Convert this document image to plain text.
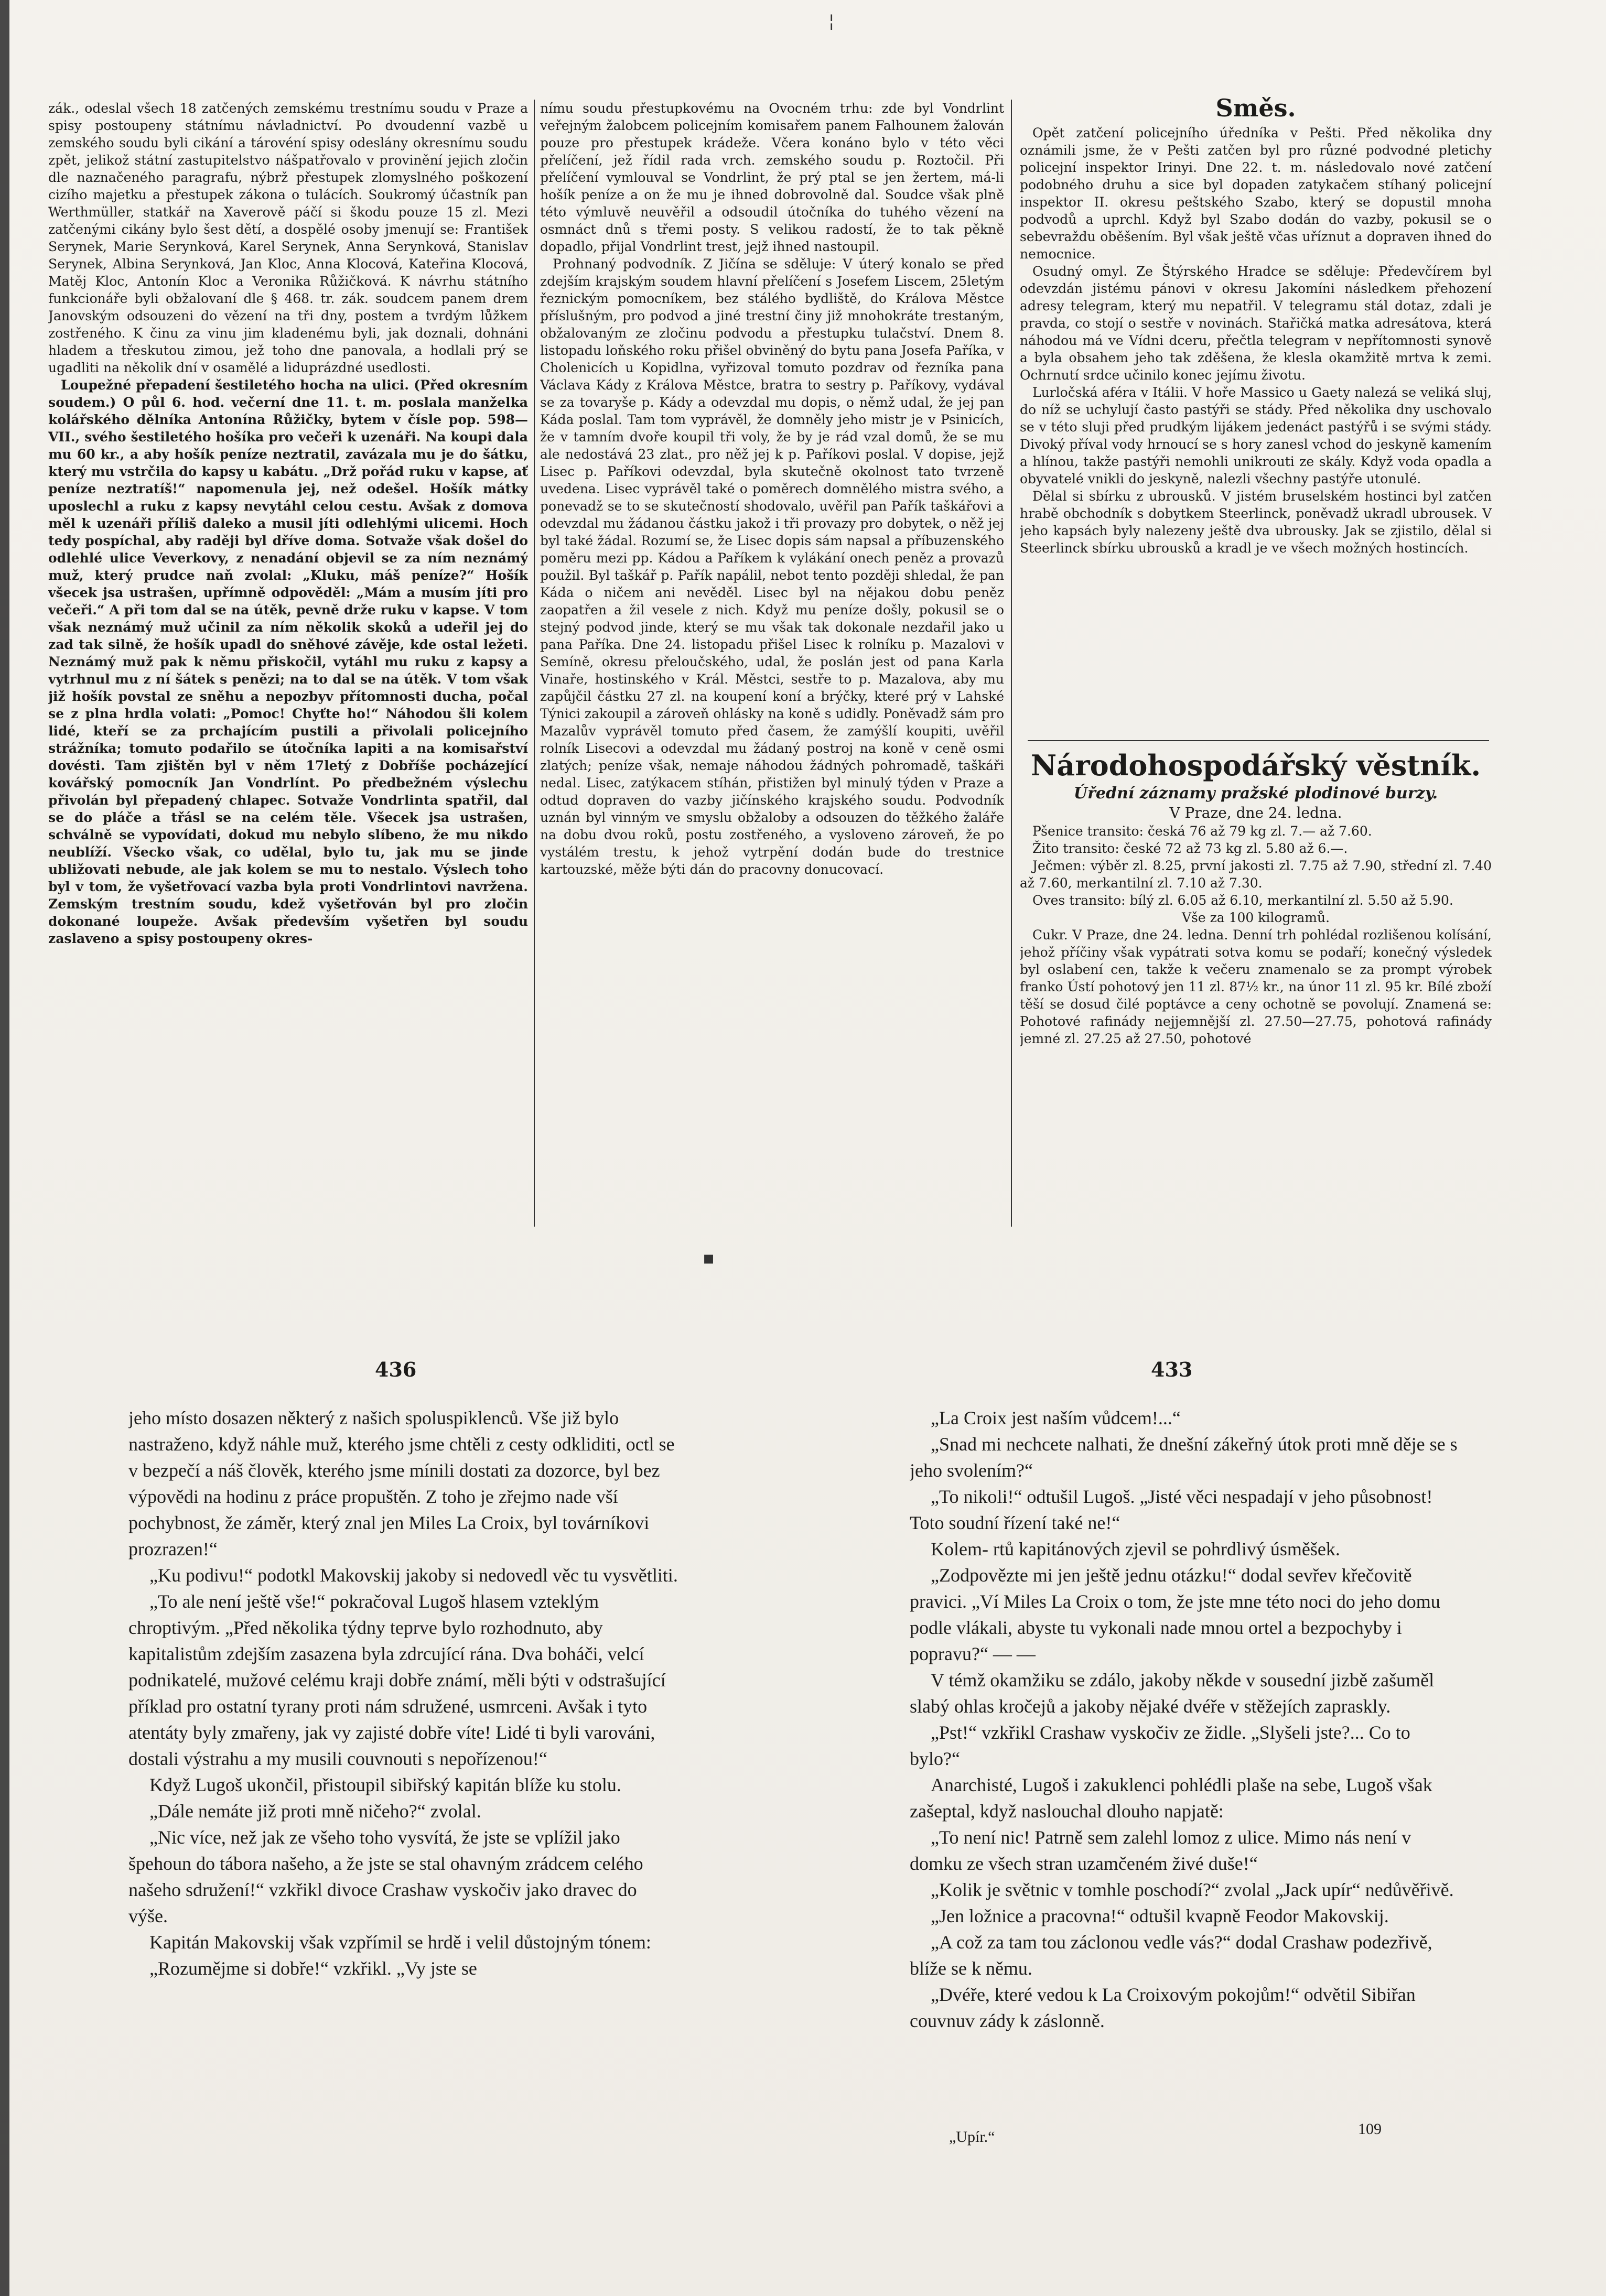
¦

zák., odeslal všech 18 zatčených zemskému trestnímu soudu v Praze a spisy postoupeny státnímu návladnictví. Po dvoudenní vazbě u zemského soudu byli cikání a tárovéní spisy odeslány okresnímu soudu zpět, jelikož státní zastupitelstvo nášpatřovalo v provinění jejich zločin dle naznačeného paragrafu, nýbrž přestupek zlomyslného poškození cizího majetku a přestupek zákona o tulácích. Soukromý účastník pan Werthmüller, statkář na Xaverově páčí si škodu pouze 15 zl. Mezi zatčenými cikány bylo šest dětí, a dospělé osoby jmenují se: František Serynek, Marie Serynková, Karel Serynek, Anna Serynková, Stanislav Serynek, Albina Serynková, Jan Kloc, Anna Klocová, Kateřina Klocová, Matěj Kloc, Antonín Kloc a Veronika Růžičková. K návrhu státního funkcionáře byli obžalovaní dle § 468. tr. zák. soudcem panem drem Janovským odsouzeni do vězení na tři dny, postem a tvrdým lůžkem zostřeného. K činu za vinu jim kladenému byli, jak doznali, dohnáni hladem a třeskutou zimou, jež toho dne panovala, a hodlali prý se ugadliti na několik dní v osamělé a liduprázdné usedlosti.

Loupežné přepadení šestiletého hocha na ulici. (Před okresním soudem.) O půl 6. hod. večerní dne 11. t. m. poslala manželka kolářského dělníka Antonína Růžičky, bytem v čísle pop. 598—VII., svého šestiletého hošíka pro večeři k uzenáři. Na koupi dala mu 60 kr., a aby hošík peníze neztratil, zavázala mu je do šátku, který mu vstrčila do kapsy u kabátu. „Drž pořád ruku v kapse, ať peníze neztratíš!“ napomenula jej, než odešel. Hošík mátky uposlechl a ruku z kapsy nevytáhl celou cestu. Avšak z domova měl k uzenáři příliš daleko a musil jíti odlehlými ulicemi. Hoch tedy pospíchal, aby raději byl dříve doma. Sotvaže však došel do odlehlé ulice Veverkovy, z nenadání objevil se za ním neznámý muž, který prudce naň zvolal: „Kluku, máš peníze?“ Hošík všecek jsa ustrašen, upřímně odpověděl: „Mám a musím jíti pro večeři.“ A při tom dal se na útěk, pevně drže ruku v kapse. V tom však neznámý muž učinil za ním několik skoků a udeřil jej do zad tak silně, že hošík upadl do sněhové závěje, kde ostal ležeti. Neznámý muž pak k němu přiskočil, vytáhl mu ruku z kapsy a vytrhnul mu z ní šátek s penězi; na to dal se na útěk. V tom však již hošík povstal ze sněhu a nepozbyv přítomnosti ducha, počal se z plna hrdla volati: „Pomoc! Chyťte ho!“ Náhodou šli kolem lidé, kteří se za prchajícím pustili a přivolali policejního strážníka; tomuto podařilo se útočníka lapiti a na komisařství dovésti. Tam zjištěn byl v něm 17letý z Dobříše pocházející kovářský pomocník Jan Vondrlínt. Po předbežném výslechu přivolán byl přepadený chlapec. Sotvaže Vondrlinta spatřil, dal se do pláče a třásl se na celém těle. Všecek jsa ustrašen, schválně se vypovídati, dokud mu nebylo slíbeno, že mu nikdo neublíží. Všecko však, co udělal, bylo tu, jak mu se jinde ubližovati nebude, ale jak kolem se mu to nestalo. Výslech toho byl v tom, že vyšetřovací vazba byla proti Vondrlintovi navržena. Zemským trestním soudu, kdež vyšetřován byl pro zločin dokonané loupeže. Avšak především vyšetřen byl soudu zaslaveno a spisy postoupeny okres-

nímu soudu přestupkovému na Ovocném trhu: zde byl Vondrlint veřejným žalobcem policejním komisařem panem Falhounem žalován pouze pro přestupek krádeže. Včera konáno bylo v této věci přelíčení, jež řídil rada vrch. zemského soudu p. Roztočil. Při přelíčení vymlouval se Vondrlint, že prý ptal se jen žertem, má-li hošík peníze a on že mu je ihned dobrovolně dal. Soudce však plně této výmluvě neuvěřil a odsoudil útočníka do tuhého vězení na osmnáct dnů s třemi posty. S velikou radostí, že to tak pěkně dopadlo, přijal Vondrlint trest, jejž ihned nastoupil.

Prohnaný podvodník. Z Jičína se sděluje: V úterý konalo se před zdejším krajským soudem hlavní přelíčení s Josefem Liscem, 25letým řeznickým pomocníkem, bez stálého bydliště, do Králova Městce příslušným, pro podvod a jiné trestní činy již mnohokráte trestaným, obžalovaným ze zločinu podvodu a přestupku tulačství. Dnem 8. listopadu loňského roku přišel obviněný do bytu pana Josefa Paříka, v Cholenicích u Kopidlna, vyřizoval tomuto pozdrav od řezníka pana Václava Kády z Králova Městce, bratra to sestry p. Paříkovy, vydával se za tovaryše p. Kády a odevzdal mu dopis, o němž udal, že jej pan Káda poslal. Tam tom vyprávěl, že domněly jeho mistr je v Psinicích, že v tamním dvoře koupil tři voly, že by je rád vzal domů, že se mu ale nedostává 23 zlat., pro něž jej k p. Paříkovi poslal. V dopise, jejž Lisec p. Paříkovi odevzdal, byla skutečně okolnost tato tvrzeně uvedena. Lisec vyprávěl také o poměrech domnělého mistra svého, a ponevadž se to se skutečností shodovalo, uvěřil pan Pařík taškářovi a odevzdal mu žádanou částku jakož i tři provazy pro dobytek, o něž jej byl také žádal. Rozumí se, že Lisec dopis sám napsal a příbuzenského poměru mezi pp. Kádou a Paříkem k vylákání onech peněz a provazů použil. Byl taškář p. Pařík napálil, nebot tento později shledal, že pan Káda o ničem ani nevěděl. Lisec byl na nějakou dobu peněz zaopatřen a žil vesele z nich. Když mu peníze došly, pokusil se o stejný podvod jinde, který se mu však tak dokonale nezdařil jako u pana Paříka. Dne 24. listopadu přišel Lisec k rolníku p. Mazalovi v Semíně, okresu přeloučského, udal, že poslán jest od pana Karla Vinaře, hostinského v Král. Městci, sestře to p. Mazalova, aby mu zapůjčil částku 27 zl. na koupení koní a brýčky, které prý v Lahské Týnici zakoupil a zároveň ohlásky na koně s udidly. Poněvadž sám pro Mazalův vyprávěl tomuto před časem, že zamýšlí koupiti, uvěřil rolník Lisecovi a odevzdal mu žádaný postroj na koně v ceně osmi zlatých; peníze však, nemaje náhodou žádných pohromadě, taškáři nedal. Lisec, zatýkacem stíhán, přistižen byl minulý týden v Praze a odtud dopraven do vazby jičínského krajského soudu. Podvodník uznán byl vinným ve smyslu obžaloby a odsouzen do těžkého žaláře na dobu dvou roků, postu zostřeného, a vysloveno zároveň, že po vystálém trestu, k jehož vytrpění dodán bude do trestnice kartouzské, měže býti dán do pracovny donucovací.

Směs.

Opět zatčení policejního úředníka v Pešti. Před několika dny oznámili jsme, že v Pešti zatčen byl pro různé podvodné pletichy policejní inspektor Irinyi. Dne 22. t. m. následovalo nové zatčení podobného druhu a sice byl dopaden zatykačem stíhaný policejní inspektor II. okresu peštského Szabo, který se dopustil mnoha podvodů a uprchl. Když byl Szabo dodán do vazby, pokusil se o sebevraždu oběšením. Byl však ještě včas uříznut a dopraven ihned do nemocnice.

Osudný omyl. Ze Štýrského Hradce se sděluje: Předevčírem byl odevzdán jistému pánovi v okresu Jakomíni následkem přehození adresy telegram, který mu nepatřil. V telegramu stál dotaz, zdali je pravda, co stojí o sestře v novinách. Stařičká matka adresátova, která náhodou má ve Vídni dceru, přečtla telegram v nepřítomnosti synově a byla obsahem jeho tak zděšena, že klesla okamžitě mrtva k zemi. Ochrnutí srdce učinilo konec jejímu životu.

Lurločská aféra v Itálii. V hoře Massico u Gaety nalezá se veliká sluj, do níž se uchylují často pastýři se stády. Před několika dny uschovalo se v této sluji před prudkým lijákem jedenáct pastýřů i se svými stády. Divoký příval vody hrnoucí se s hory zanesl vchod do jeskyně kamením a hlínou, takže pastýři nemohli unikrouti ze skály. Když voda opadla a obyvatelé vnikli do jeskyně, nalezli všechny pastýře utonulé.

Dělal si sbírku z ubrousků. V jistém bruselském hostinci byl zatčen hrabě obchodník s dobytkem Steerlinck, poněvadž ukradl ubrousek. V jeho kapsách byly nalezeny ještě dva ubrousky. Jak se zjistilo, dělal si Steerlinck sbírku ubrousků a kradl je ve všech možných hostincích.

Národohospodářský věstník.
Úřední záznamy pražské plodinové burzy.
V Praze, dne 24. ledna.

Pšenice transito: česká 76 až 79 kg zl. 7.— až 7.60.

Žito transito: české 72 až 73 kg zl. 5.80 až 6.—.

Ječmen: výběr zl. 8.25, první jakosti zl. 7.75 až 7.90, střední zl. 7.40 až 7.60, merkantilní zl. 7.10 až 7.30.

Oves transito: bílý zl. 6.05 až 6.10, merkantilní zl. 5.50 až 5.90.

Vše za 100 kilogramů.

Cukr. V Praze, dne 24. ledna. Denní trh pohlédal rozlišenou kolísání, jehož příčiny však vypátrati sotva komu se podaří; konečný výsledek byl oslabení cen, takže k večeru znamenalo se za prompt výrobek franko Ústí pohotový jen 11 zl. 87½ kr., na únor 11 zl. 95 kr. Bílé zboží těší se dosud čilé poptávce a ceny ochotně se povolují. Znamená se: Pohotové rafinády nejjemnější zl. 27.50—27.75, pohotová rafinády jemné zl. 27.25 až 27.50, pohotové

▪
436

jeho místo dosazen některý z našich spoluspiklenců. Vše již bylo nastraženo, když náhle muž, kterého jsme chtěli z cesty odkliditi, octl se v bezpečí a náš člověk, kterého jsme mínili dostati za dozorce, byl bez výpovědi na hodinu z práce propuštěn. Z toho je zřejmo nade vší pochybnost, že záměr, který znal jen Miles La Croix, byl továrníkovi prozrazen!“

„Ku podivu!“ podotkl Makovskij jakoby si nedovedl věc tu vysvětliti.

„To ale není ještě vše!“ pokračoval Lugoš hlasem vzteklým chroptivým. „Před několika týdny teprve bylo rozhodnuto, aby kapitalistům zdejším zasazena byla zdrcující rána. Dva boháči, velcí podnikatelé, mužové celému kraji dobře známí, měli býti v odstrašující příklad pro ostatní tyrany proti nám sdružené, usmrceni. Avšak i tyto atentáty byly zmařeny, jak vy zajisté dobře víte! Lidé ti byli varováni, dostali výstrahu a my musili couvnouti s nepořízenou!“

Když Lugoš ukončil, přistoupil sibiřský kapitán blíže ku stolu.

„Dále nemáte již proti mně ničeho?“ zvolal.

„Nic více, než jak ze všeho toho vysvítá, že jste se vplížil jako špehoun do tábora našeho, a že jste se stal ohavným zrádcem celého našeho sdružení!“ vzkřikl divoce Crashaw vyskočiv jako dravec do výše.

Kapitán Makovskij však vzpřímil se hrdě i velil důstojným tónem:

„Rozumějme si dobře!“ vzkřikl. „Vy jste se

433

„La Croix jest naším vůdcem!...“

„Snad mi nechcete nalhati, že dnešní zákeřný útok proti mně děje se s jeho svolením?“

„To nikoli!“ odtušil Lugoš. „Jisté věci nespadají v jeho působnost! Toto soudní řízení také ne!“

Kolem- rtů kapitánových zjevil se pohrdlivý úsměšek.

„Zodpovězte mi jen ještě jednu otázku!“ dodal sevřev křečovitě pravici. „Ví Miles La Croix o tom, že jste mne této noci do jeho domu podle vlákali, abyste tu vykonali nade mnou ortel a bezpochyby i popravu?“ — —

V témž okamžiku se zdálo, jakoby někde v sousední jizbě zašuměl slabý ohlas kročejů a jakoby nějaké dvéře v stěžejích zapraskly.

„Pst!“ vzkřikl Crashaw vyskočiv ze židle. „Slyšeli jste?... Co to bylo?“

Anarchisté, Lugoš i zakuklenci pohlédli plaše na sebe, Lugoš však zašeptal, když naslouchal dlouho napjatě:

„To není nic! Patrně sem zalehl lomoz z ulice. Mimo nás není v domku ze všech stran uzamčeném živé duše!“

„Kolik je světnic v tomhle poschodí?“ zvolal „Jack upír“ nedůvěřivě.

„Jen ložnice a pracovna!“ odtušil kvapně Feodor Makovskij.

„A což za tam tou záclonou vedle vás?“ dodal Crashaw podezřivě, blíže se k němu.

„Dvéře, které vedou k La Croixovým pokojům!“ odvětil Sibiřan couvnuv zády k záslonně.

„Upír.“	109
